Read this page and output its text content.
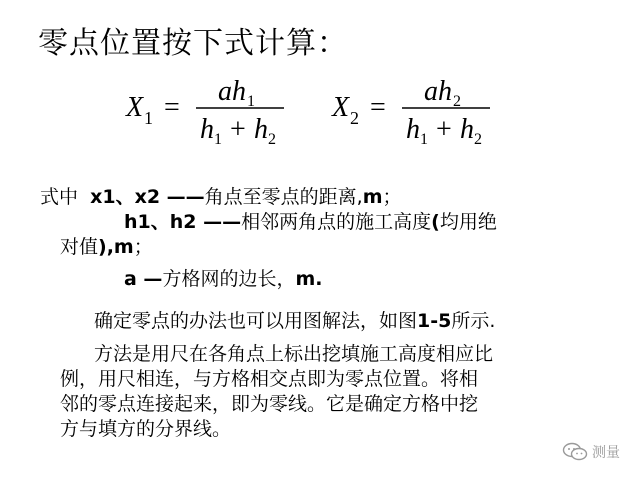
零点位置按下式计算：
X 1 =
a h 1
h 1 + h 2
X 2 =
a h 2
h 1 + h 2
式中  x1、x2 ——角点至零点的距离,m；
h1、h2 ——相邻两角点的施工高度(均用绝
对值),m；
a —方格网的边长，m.
确定零点的办法也可以用图解法，如图1-5所示.
方法是用尺在各角点上标出挖填施工高度相应比
例，用尺相连，与方格相交点即为零点位置。将相
邻的零点连接起来，即为零线。它是确定方格中挖
方与填方的分界线。
测量
